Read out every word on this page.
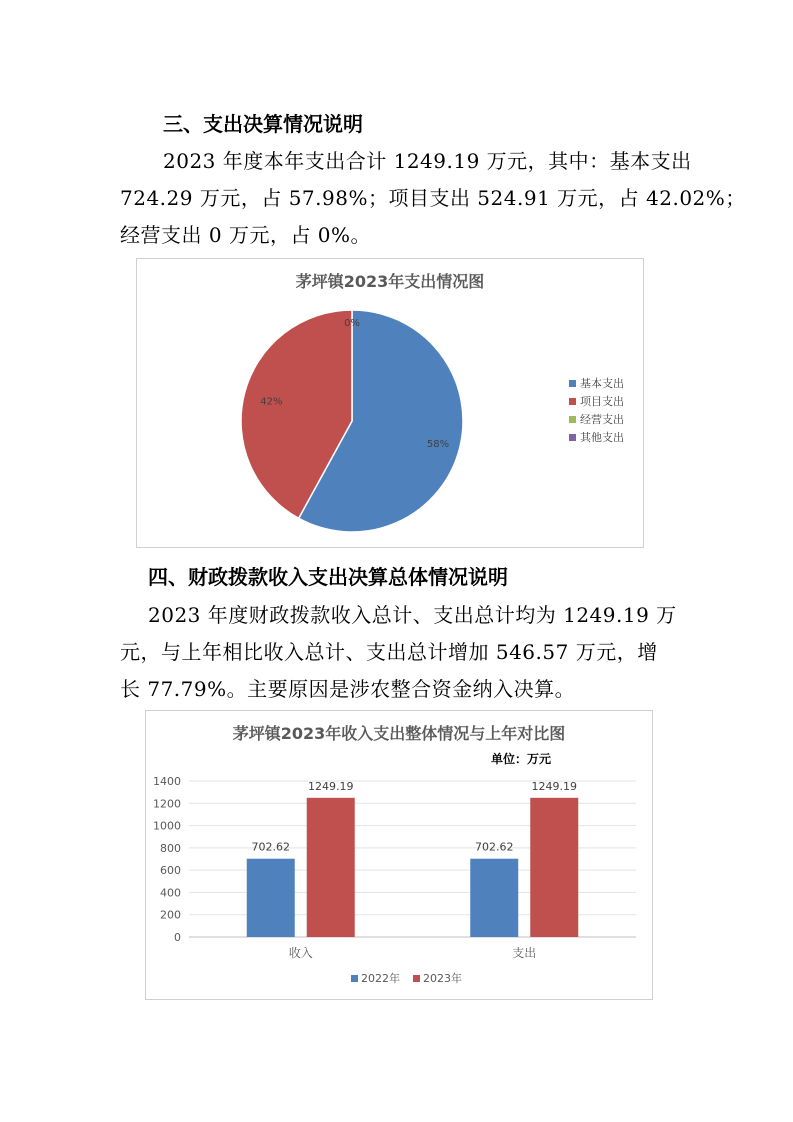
三、支出决算情况说明
2023 年度本年支出合计 1249.19 万元，其中：基本支出
724.29 万元，占 57.98%；项目支出 524.91 万元，占 42.02%；
经营支出 0 万元，占 0%。
茅坪镇2023年支出情况图
58%
42%
0%
基本支出
项目支出
经营支出
其他支出
四、财政拨款收入支出决算总体情况说明
2023 年度财政拨款收入总计、支出总计均为 1249.19 万
元，与上年相比收入总计、支出总计增加 546.57 万元，增
长 77.79%。主要原因是涉农整合资金纳入决算。
茅坪镇2023年收入支出整体情况与上年对比图
单位：万元
0
200
400
600
800
1000
1200
1400
702.62
1249.19
702.62
1249.19
收入	支出
2022年 2023年
